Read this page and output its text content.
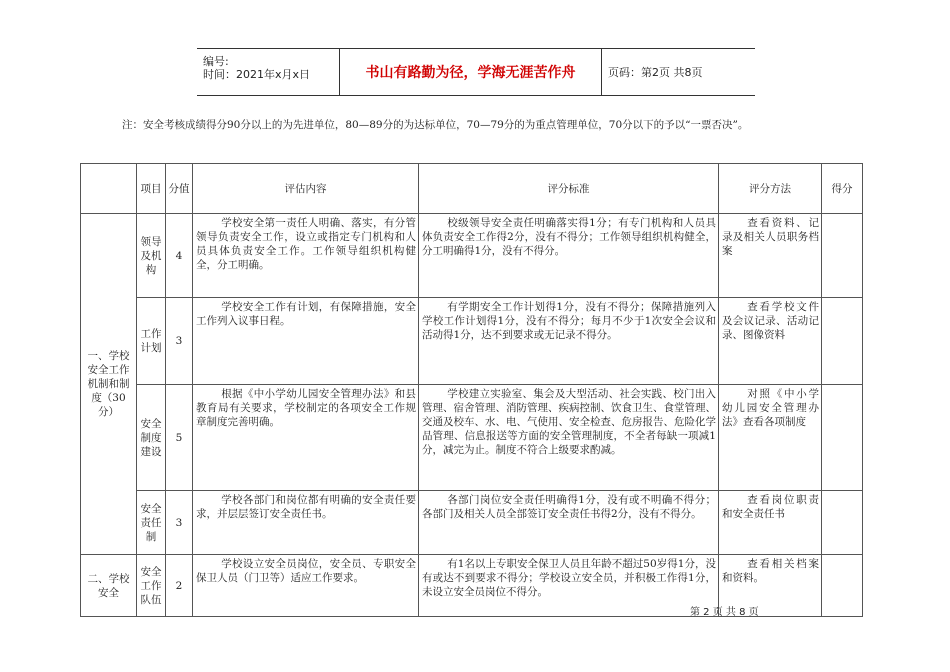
编号:
时间：2021年x月x日	书山有路勤为径，学海无涯苦作舟	页码：第2页 共8页
注：安全考核成绩得分90分以上的为先进单位，80—89分的为达标单位，70—79分的为重点管理单位，70分以下的予以“一票否决”。
	项目	分值	评估内容	评分标准	评分方法	得分
一、学校安全工作机制和制度（30分）	领导及机构	4	学校安全第一责任人明确、落实，有分管领导负责安全工作，设立或指定专门机构和人员具体负责安全工作。工作领导组织机构健全，分工明确。	校级领导安全责任明确落实得1分；有专门机构和人员具体负责安全工作得2分，没有不得分；工作领导组织机构健全，分工明确得1分，没有不得分。	查看资料、记录及相关人员职务档案	
	工作计划	3	学校安全工作有计划，有保障措施，安全工作列入议事日程。	有学期安全工作计划得1分，没有不得分；保障措施列入学校工作计划得1分，没有不得分；每月不少于1次安全会议和活动得1分，达不到要求或无记录不得分。	查看学校文件及会议记录、活动记录、图像资料	
	安全制度建设	5	根据《中小学幼儿园安全管理办法》和县教育局有关要求，学校制定的各项安全工作规章制度完善明确。	学校建立实验室、集会及大型活动、社会实践、校门出入管理、宿舍管理、消防管理、疾病控制、饮食卫生、食堂管理、交通及校车、水、电、气使用、安全检查、危房报告、危险化学品管理、信息报送等方面的安全管理制度，不全者每缺一项减1分，减完为止。制度不符合上级要求酌减。	对照《中小学幼儿园安全管理办法》查看各项制度	
	安全责任制	3	学校各部门和岗位都有明确的安全责任要求，并层层签订安全责任书。	各部门岗位安全责任明确得1分，没有或不明确不得分；各部门及相关人员全部签订安全责任书得2分，没有不得分。	查看岗位职责和安全责任书	
二、学校安全	安全工作队伍	2	学校设立安全员岗位，安全员、专职安全保卫人员（门卫等）适应工作要求。	有1名以上专职安全保卫人员且年龄不超过50岁得1分，没有或达不到要求不得分；学校设立安全员，并积极工作得1分，未设立安全员岗位不得分。	查看相关档案和资料。	
第 2 页 共 8 页
